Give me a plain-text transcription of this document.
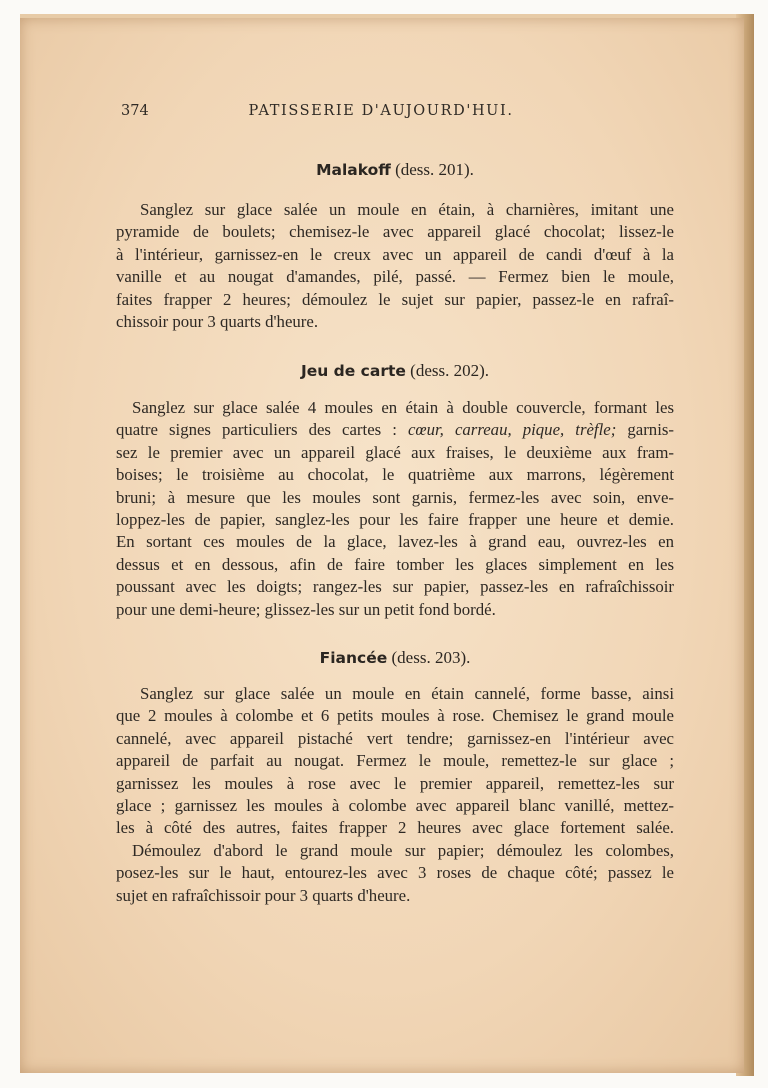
374	PATISSERIE D'AUJOURD'HUI.
Malakoff (dess. 201).
Sanglez sur glace salée un moule en étain, à charnières, imitant une
pyramide de boulets; chemisez-le avec appareil glacé chocolat; lissez-le
à l'intérieur, garnissez-en le creux avec un appareil de candi d'œuf à la
vanille et au nougat d'amandes, pilé, passé. — Fermez bien le moule,
faites frapper 2 heures; démoulez le sujet sur papier, passez-le en rafraî-
chissoir pour 3 quarts d'heure.
Jeu de carte (dess. 202).
Sanglez sur glace salée 4 moules en étain à double couvercle, formant les
quatre signes particuliers des cartes : cœur, carreau, pique, trèfle; garnis-
sez le premier avec un appareil glacé aux fraises, le deuxième aux fram-
boises; le troisième au chocolat, le quatrième aux marrons, légèrement
bruni; à mesure que les moules sont garnis, fermez-les avec soin, enve-
loppez-les de papier, sanglez-les pour les faire frapper une heure et demie.
En sortant ces moules de la glace, lavez-les à grand eau, ouvrez-les en
dessus et en dessous, afin de faire tomber les glaces simplement en les
poussant avec les doigts; rangez-les sur papier, passez-les en rafraîchissoir
pour une demi-heure; glissez-les sur un petit fond bordé.
Fiancée (dess. 203).
Sanglez sur glace salée un moule en étain cannelé, forme basse, ainsi
que 2 moules à colombe et 6 petits moules à rose. Chemisez le grand moule
cannelé, avec appareil pistaché vert tendre; garnissez-en l'intérieur avec
appareil de parfait au nougat. Fermez le moule, remettez-le sur glace ;
garnissez les moules à rose avec le premier appareil, remettez-les sur
glace ; garnissez les moules à colombe avec appareil blanc vanillé, mettez-
les à côté des autres, faites frapper 2 heures avec glace fortement salée.
Démoulez d'abord le grand moule sur papier; démoulez les colombes,
posez-les sur le haut, entourez-les avec 3 roses de chaque côté; passez le
sujet en rafraîchissoir pour 3 quarts d'heure.
